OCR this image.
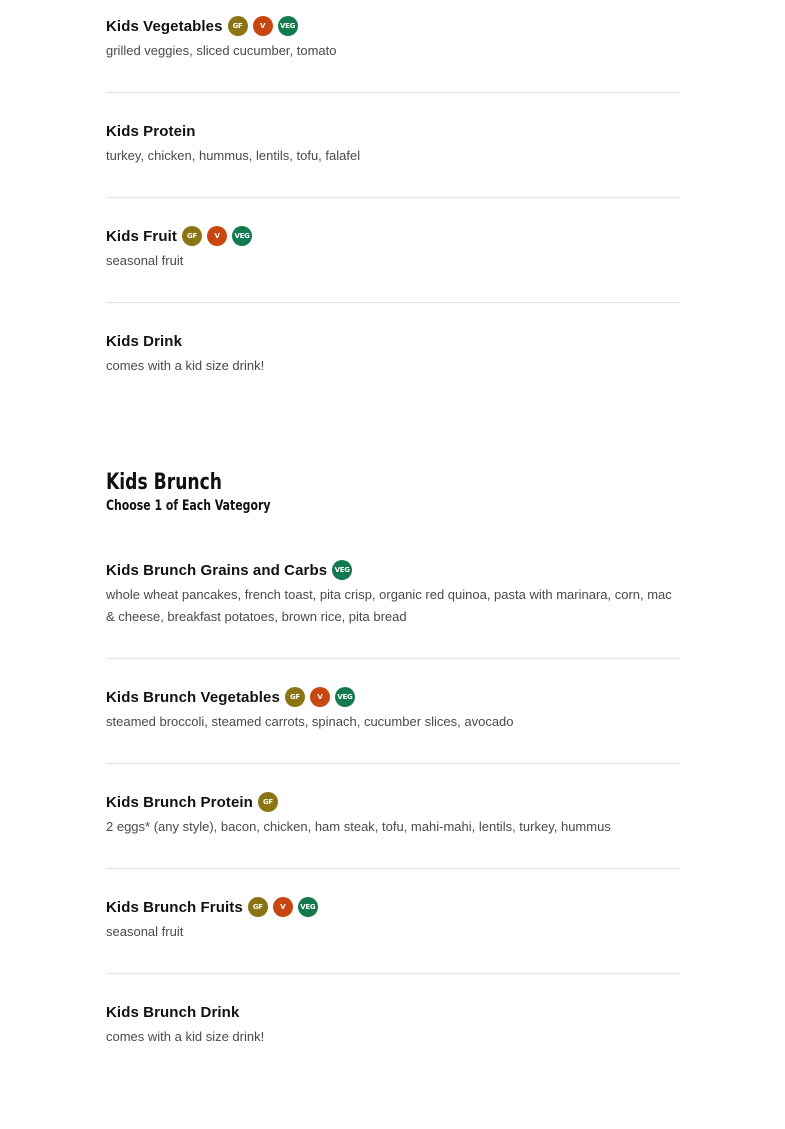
Kids Vegetables	GF	V	VEG
grilled veggies, sliced cucumber, tomato
Kids Protein
turkey, chicken, hummus, lentils, tofu, falafel
Kids Fruit	GF	V	VEG
seasonal fruit
Kids Drink
comes with a kid size drink!
Kids Brunch
Choose 1 of Each Vategory
Kids Brunch Grains and Carbs	VEG
whole wheat pancakes, french toast, pita crisp, organic red quinoa, pasta with marinara, corn, mac & cheese, breakfast potatoes, brown rice, pita bread
Kids Brunch Vegetables	GF	V	VEG
steamed broccoli, steamed carrots, spinach, cucumber slices, avocado
Kids Brunch Protein	GF
2 eggs* (any style), bacon, chicken, ham steak, tofu, mahi-mahi, lentils, turkey, hummus
Kids Brunch Fruits	GF	V	VEG
seasonal fruit
Kids Brunch Drink
comes with a kid size drink!
